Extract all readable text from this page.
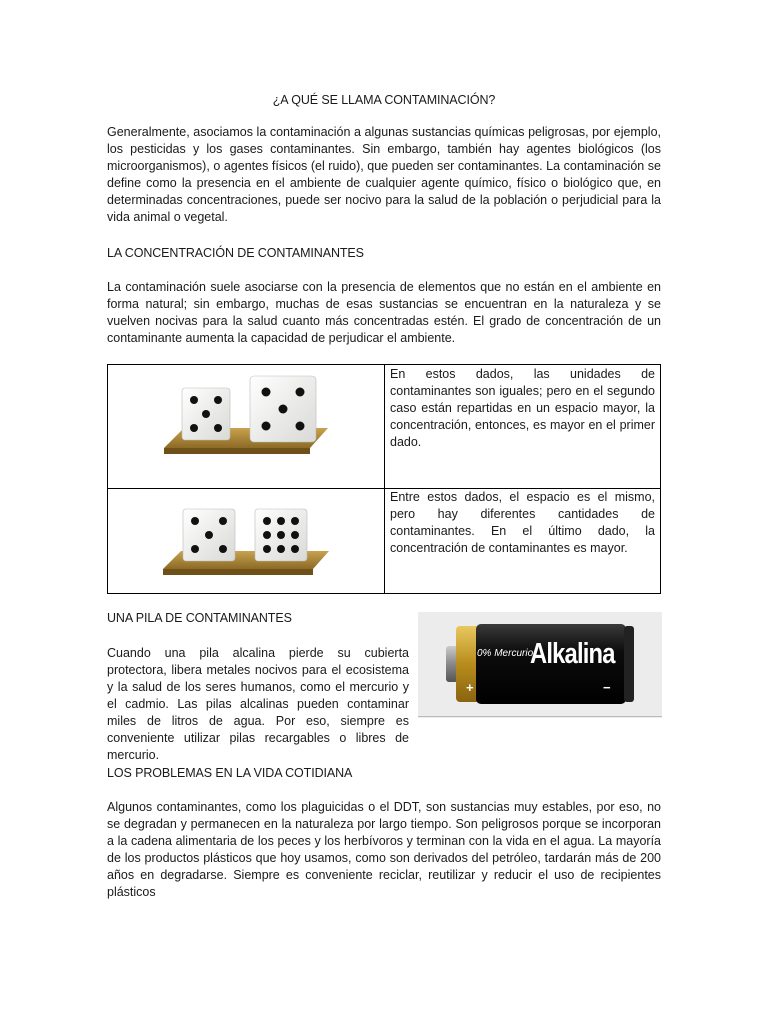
¿A QUÉ SE LLAMA CONTAMINACIÓN?

Generalmente, asociamos la contaminación a algunas sustancias químicas peligrosas, por ejemplo, los pesticidas y los gases contaminantes. Sin embargo, también hay agentes biológicos (los microorganismos), o agentes físicos (el ruido), que pueden ser contaminantes. La contaminación se define como la presencia en el ambiente de cualquier agente químico, físico o biológico que, en determinadas concentraciones, puede ser nocivo para la salud de la población o perjudicial para la vida animal o vegetal.

LA CONCENTRACIÓN DE CONTAMINANTES

La contaminación suele asociarse con la presencia de elementos que no están en el ambiente en forma natural; sin embargo, muchas de esas sustancias se encuentran en la naturaleza y se vuelven nocivas para la salud cuanto más concentradas estén. El grado de concentración de un contaminante aumenta la capacidad de perjudicar el ambiente.

En estos dados, las unidades de contaminantes son iguales; pero en el segundo caso están repartidas en un espacio mayor, la concentración, entonces, es mayor en el primer dado.

Entre estos dados, el espacio es el mismo, pero hay diferentes cantidades de contaminantes. En el último dado, la concentración de contaminantes es mayor.

UNA PILA DE CONTAMINANTES

Cuando una pila alcalina pierde su cubierta protectora, libera metales nocivos para el ecosistema y la salud de los seres humanos, como el mercurio y el cadmio. Las pilas alcalinas pueden contaminar miles de litros de agua. Por eso, siempre es conveniente utilizar pilas recargables o libres de mercurio.

0% Mercurio
Alkalina
+	−
LOS PROBLEMAS EN LA VIDA COTIDIANA

Algunos contaminantes, como los plaguicidas o el DDT, son sustancias muy estables, por eso, no se degradan y permanecen en la naturaleza por largo tiempo. Son peligrosos porque se incorporan a la cadena alimentaria de los peces y los herbívoros y terminan con la vida en el agua. La mayoría de los productos plásticos que hoy usamos, como son derivados del petróleo, tardarán más de 200 años en degradarse. Siempre es conveniente reciclar, reutilizar y reducir el uso de recipientes plásticos
